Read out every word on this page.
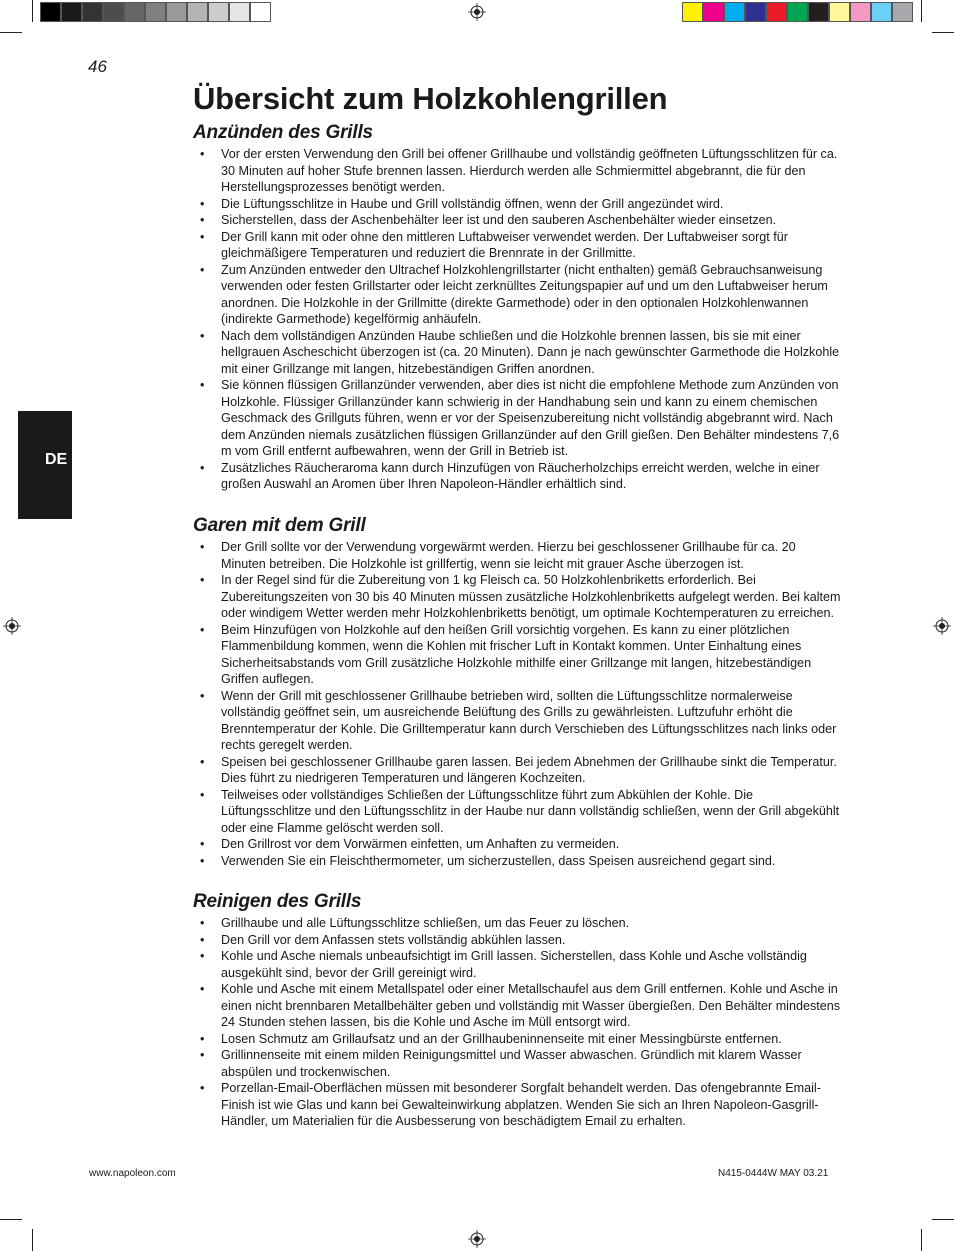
46
Übersicht zum Holzkohlengrillen
DE
Anzünden des Grills
• Vor der ersten Verwendung den Grill bei offener Grillhaube und vollständig geöffneten Lüftungsschlitzen für ca. 30 Minuten auf hoher Stufe brennen lassen. Hierdurch werden alle Schmiermittel abgebrannt, die für den Herstellungsprozesses benötigt werden.
• Die Lüftungsschlitze in Haube und Grill vollständig öffnen, wenn der Grill angezündet wird.
• Sicherstellen, dass der Aschenbehälter leer ist und den sauberen Aschenbehälter wieder einsetzen.
• Der Grill kann mit oder ohne den mittleren Luftabweiser verwendet werden. Der Luftabweiser sorgt für gleichmäßigere Temperaturen und reduziert die Brennrate in der Grillmitte.
• Zum Anzünden entweder den Ultrachef Holzkohlengrillstarter (nicht enthalten) gemäß Gebrauchsanweisung verwenden oder festen Grillstarter oder leicht zerknülltes Zeitungspapier auf und um den Luftabweiser herum anordnen. Die Holzkohle in der Grillmitte (direkte Garmethode) oder in den optionalen Holzkohlenwannen (indirekte Garmethode) kegelförmig anhäufeln.
• Nach dem vollständigen Anzünden Haube schließen und die Holzkohle brennen lassen, bis sie mit einer hellgrauen Ascheschicht überzogen ist (ca. 20 Minuten). Dann je nach gewünschter Garmethode die Holzkohle mit einer Grillzange mit langen, hitzebeständigen Griffen anordnen.
• Sie können flüssigen Grillanzünder verwenden, aber dies ist nicht die empfohlene Methode zum Anzünden von Holzkohle. Flüssiger Grillanzünder kann schwierig in der Handhabung sein und kann zu einem chemischen Geschmack des Grillguts führen, wenn er vor der Speisenzubereitung nicht vollständig abgebrannt wird. Nach dem Anzünden niemals zusätzlichen flüssigen Grillanzünder auf den Grill gießen. Den Behälter mindestens 7,6 m vom Grill entfernt aufbewahren, wenn der Grill in Betrieb ist.
• Zusätzliches Räucheraroma kann durch Hinzufügen von Räucherholzchips erreicht werden, welche in einer großen Auswahl an Aromen über Ihren Napoleon-Händler erhältlich sind.
Garen mit dem Grill
• Der Grill sollte vor der Verwendung vorgewärmt werden. Hierzu bei geschlossener Grillhaube für ca. 20 Minuten betreiben. Die Holzkohle ist grillfertig, wenn sie leicht mit grauer Asche überzogen ist.
• In der Regel sind für die Zubereitung von 1 kg Fleisch ca. 50 Holzkohlenbriketts erforderlich. Bei Zubereitungszeiten von 30 bis 40 Minuten müssen zusätzliche Holzkohlenbriketts aufgelegt werden. Bei kaltem oder windigem Wetter werden mehr Holzkohlenbriketts benötigt, um optimale Kochtemperaturen zu erreichen.
• Beim Hinzufügen von Holzkohle auf den heißen Grill vorsichtig vorgehen. Es kann zu einer plötzlichen Flammenbildung kommen, wenn die Kohlen mit frischer Luft in Kontakt kommen. Unter Einhaltung eines Sicherheitsabstands vom Grill zusätzliche Holzkohle mithilfe einer Grillzange mit langen, hitzebeständigen Griffen auflegen.
• Wenn der Grill mit geschlossener Grillhaube betrieben wird, sollten die Lüftungsschlitze normalerweise vollständig geöffnet sein, um ausreichende Belüftung des Grills zu gewährleisten. Luftzufuhr erhöht die Brenntemperatur der Kohle. Die Grilltemperatur kann durch Verschieben des Lüftungsschlitzes nach links oder rechts geregelt werden.
• Speisen bei geschlossener Grillhaube garen lassen. Bei jedem Abnehmen der Grillhaube sinkt die Temperatur. Dies führt zu niedrigeren Temperaturen und längeren Kochzeiten.
• Teilweises oder vollständiges Schließen der Lüftungsschlitze führt zum Abkühlen der Kohle. Die Lüftungsschlitze und den Lüftungsschlitz in der Haube nur dann vollständig schließen, wenn der Grill abgekühlt oder eine Flamme gelöscht werden soll.
• Den Grillrost vor dem Vorwärmen einfetten, um Anhaften zu vermeiden.
• Verwenden Sie ein Fleischthermometer, um sicherzustellen, dass Speisen ausreichend gegart sind.
Reinigen des Grills
• Grillhaube und alle Lüftungsschlitze schließen, um das Feuer zu löschen.
• Den Grill vor dem Anfassen stets vollständig abkühlen lassen.
• Kohle und Asche niemals unbeaufsichtigt im Grill lassen. Sicherstellen, dass Kohle und Asche vollständig ausgekühlt sind, bevor der Grill gereinigt wird.
• Kohle und Asche mit einem Metallspatel oder einer Metallschaufel aus dem Grill entfernen. Kohle und Asche in einen nicht brennbaren Metallbehälter geben und vollständig mit Wasser übergießen. Den Behälter mindestens 24 Stunden stehen lassen, bis die Kohle und Asche im Müll entsorgt wird.
• Losen Schmutz am Grillaufsatz und an der Grillhaubeninnenseite mit einer Messingbürste entfernen.
• Grillinnenseite mit einem milden Reinigungsmittel und Wasser abwaschen. Gründlich mit klarem Wasser abspülen und trockenwischen.
• Porzellan-Email-Oberflächen müssen mit besonderer Sorgfalt behandelt werden. Das ofengebrannte Email-Finish ist wie Glas und kann bei Gewalteinwirkung abplatzen. Wenden Sie sich an Ihren Napoleon-Gasgrill-Händler, um Materialien für die Ausbesserung von beschädigtem Email zu erhalten.
www.napoleon.com	N415-0444W MAY 03.21
